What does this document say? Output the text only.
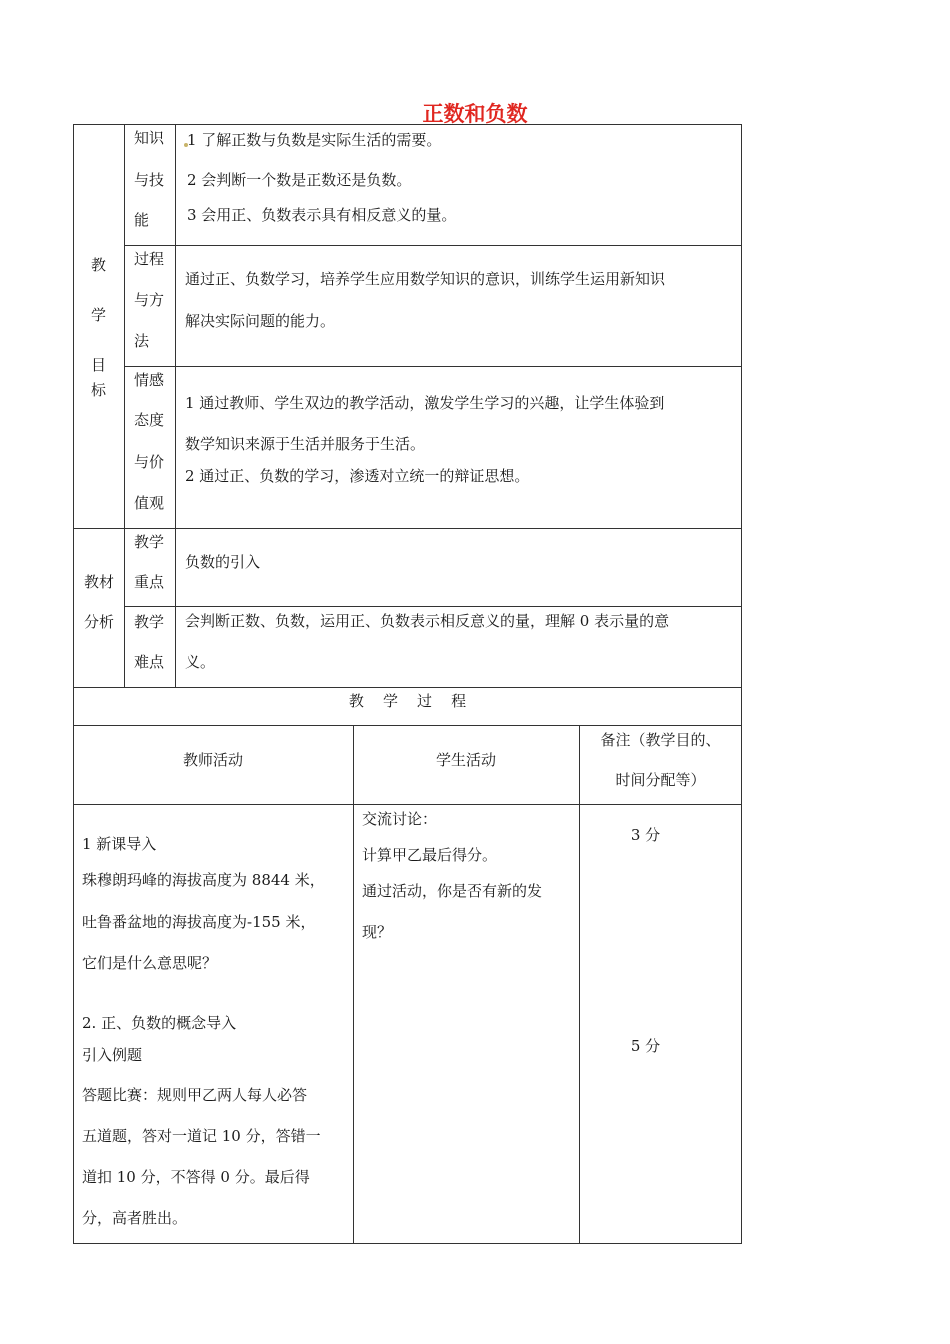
正数和负数
教
学
目
标
知识
与技
能
1 了解正数与负数是实际生活的需要。
2 会判断一个数是正数还是负数。
3 会用正、负数表示具有相反意义的量。
过程
与方
法
通过正、负数学习，培养学生应用数学知识的意识，训练学生运用新知识
解决实际问题的能力。
情感
态度
与价
值观
1 通过教师、学生双边的教学活动，激发学生学习的兴趣，让学生体验到
数学知识来源于生活并服务于生活。
2 通过正、负数的学习，渗透对立统一的辩证思想。
教材
分析
教学
重点
负数的引入
教学
难点
会判断正数、负数，运用正、负数表示相反意义的量，理解 0 表示量的意
义。
教    学    过    程
教师活动	学生活动
备注（教学目的、
时间分配等）
1 新课导入
珠穆朗玛峰的海拔高度为 8844 米，
吐鲁番盆地的海拔高度为-155 米，
它们是什么意思呢？
2. 正、负数的概念导入
引入例题
答题比赛：规则甲乙两人每人必答
五道题，答对一道记 10 分，答错一
道扣 10 分，不答得 0 分。最后得
分，高者胜出。
交流讨论：
计算甲乙最后得分。
通过活动，你是否有新的发
现？
3 分
5 分
